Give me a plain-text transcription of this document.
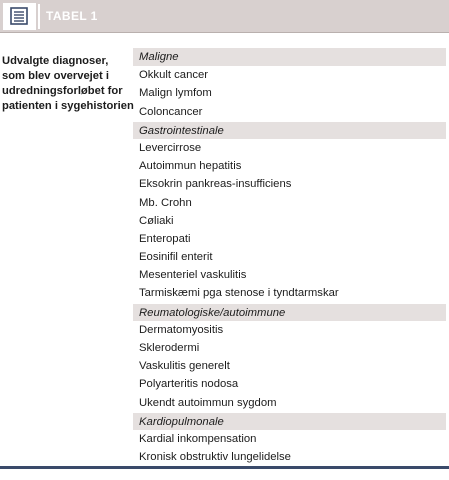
TABEL 1
Udvalgte diagnoser,
som blev overvejet i
udredningsforløbet for
patienten i sygehistorien
Maligne
Okkult cancer
Malign lymfom
Coloncancer
Gastrointestinale
Levercirrose
Autoimmun hepatitis
Eksokrin pankreas-insufficiens
Mb. Crohn
Cøliaki
Enteropati
Eosinifil enterit
Mesenteriel vaskulitis
Tarmiskæmi pga stenose i tyndtarmskar
Reumatologiske/autoimmune
Dermatomyositis
Sklerodermi
Vaskulitis generelt
Polyarteritis nodosa
Ukendt autoimmun sygdom
Kardiopulmonale
Kardial inkompensation
Kronisk obstruktiv lungelidelse
